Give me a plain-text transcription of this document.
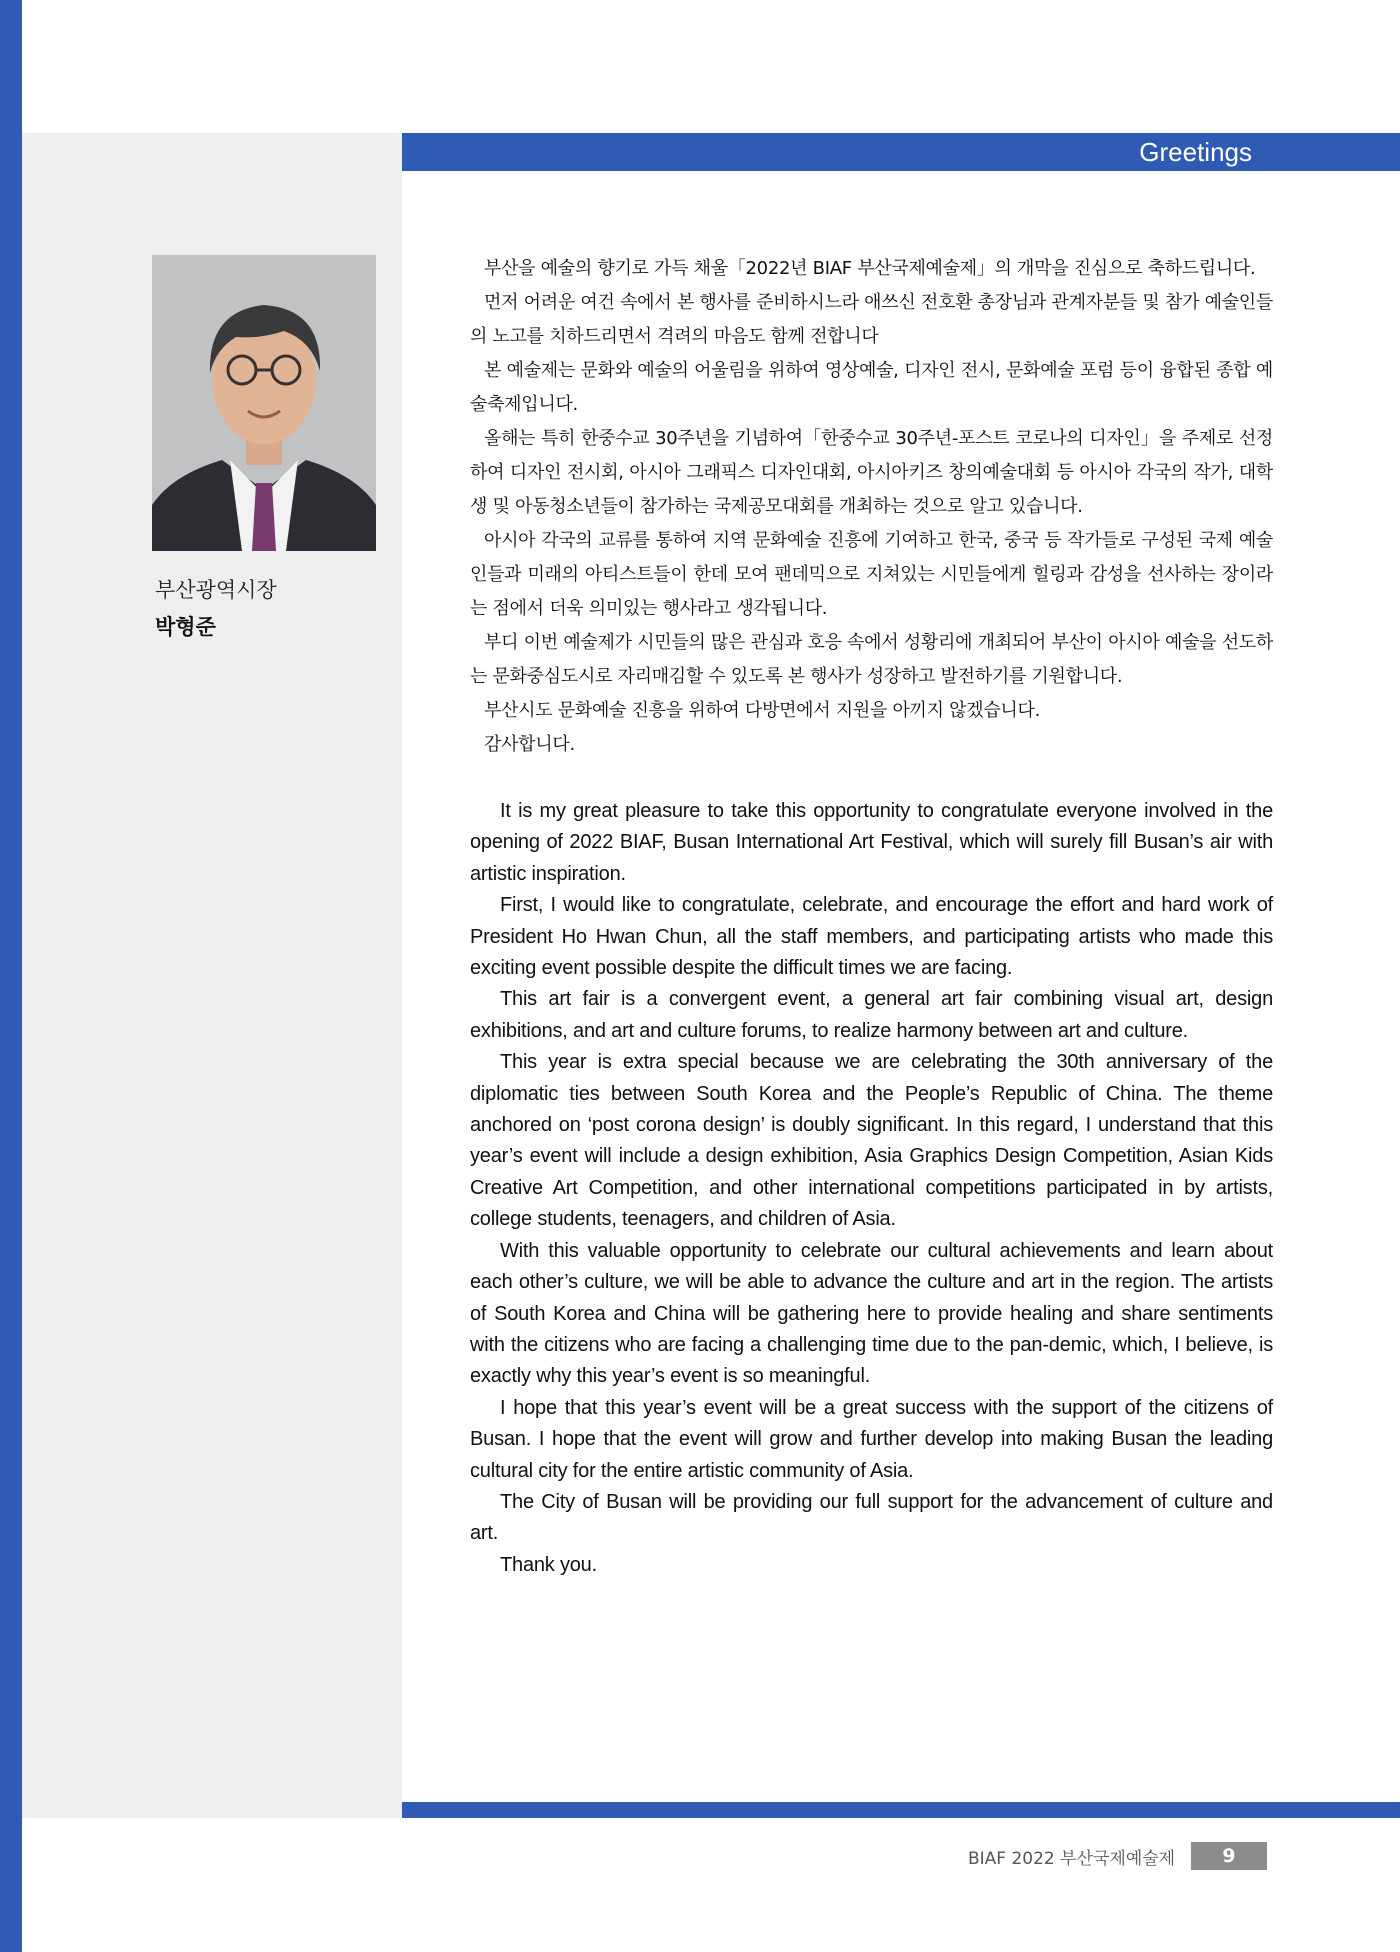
Greetings
부산광역시장
박형준

부산을 예술의 향기로 가득 채울「2022년 BIAF 부산국제예술제」의 개막을 진심으로 축하드립니다.

먼저 어려운 여건 속에서 본 행사를 준비하시느라 애쓰신 전호환 총장님과 관계자분들 및 참가 예술인들의 노고를 치하드리면서 격려의 마음도 함께 전합니다

본 예술제는 문화와 예술의 어울림을 위하여 영상예술, 디자인 전시, 문화예술 포럼 등이 융합된 종합 예술축제입니다.

올해는 특히 한중수교 30주년을 기념하여「한중수교 30주년-포스트 코로나의 디자인」을 주제로 선정하여 디자인 전시회, 아시아 그래픽스 디자인대회, 아시아키즈 창의예술대회 등 아시아 각국의 작가, 대학생 및 아동청소년들이 참가하는 국제공모대회를 개최하는 것으로 알고 있습니다.

아시아 각국의 교류를 통하여 지역 문화예술 진흥에 기여하고 한국, 중국 등 작가들로 구성된 국제 예술인들과 미래의 아티스트들이 한데 모여 팬데믹으로 지쳐있는 시민들에게 힐링과 감성을 선사하는 장이라는 점에서 더욱 의미있는 행사라고 생각됩니다.

부디 이번 예술제가 시민들의 많은 관심과 호응 속에서 성황리에 개최되어 부산이 아시아 예술을 선도하는 문화중심도시로 자리매김할 수 있도록 본 행사가 성장하고 발전하기를 기원합니다.

부산시도 문화예술 진흥을 위하여 다방면에서 지원을 아끼지 않겠습니다.

감사합니다.

It is my great pleasure to take this opportunity to congratulate everyone involved in the opening of 2022 BIAF, Busan International Art Festival, which will surely fill Busan’s air with artistic inspiration.

First, I would like to congratulate, celebrate, and encourage the effort and hard work of President Ho Hwan Chun, all the staff members, and participating artists who made this exciting event possible despite the difficult times we are facing.

This art fair is a convergent event, a general art fair combining visual art, design exhibitions, and art and culture forums, to realize harmony between art and culture.

This year is extra special because we are celebrating the 30th anniversary of the diplomatic ties between South Korea and the People’s Republic of China. The theme anchored on ‘post corona design’ is doubly significant. In this regard, I understand that this year’s event will include a design exhibition, Asia Graphics Design Competition, Asian Kids Creative Art Competition, and other international competitions participated in by artists, college students, teenagers, and children of Asia.

With this valuable opportunity to celebrate our cultural achievements and learn about each other’s culture, we will be able to advance the culture and art in the region. The artists of South Korea and China will be gathering here to provide healing and share sentiments with the citizens who are facing a challenging time due to the pan-demic, which, I believe, is exactly why this year’s event is so meaningful.

I hope that this year’s event will be a great success with the support of the citizens of Busan. I hope that the event will grow and further develop into making Busan the leading cultural city for the entire artistic community of Asia.

The City of Busan will be providing our full support for the advancement of culture and art.

Thank you.

BIAF 2022 부산국제예술제	9
